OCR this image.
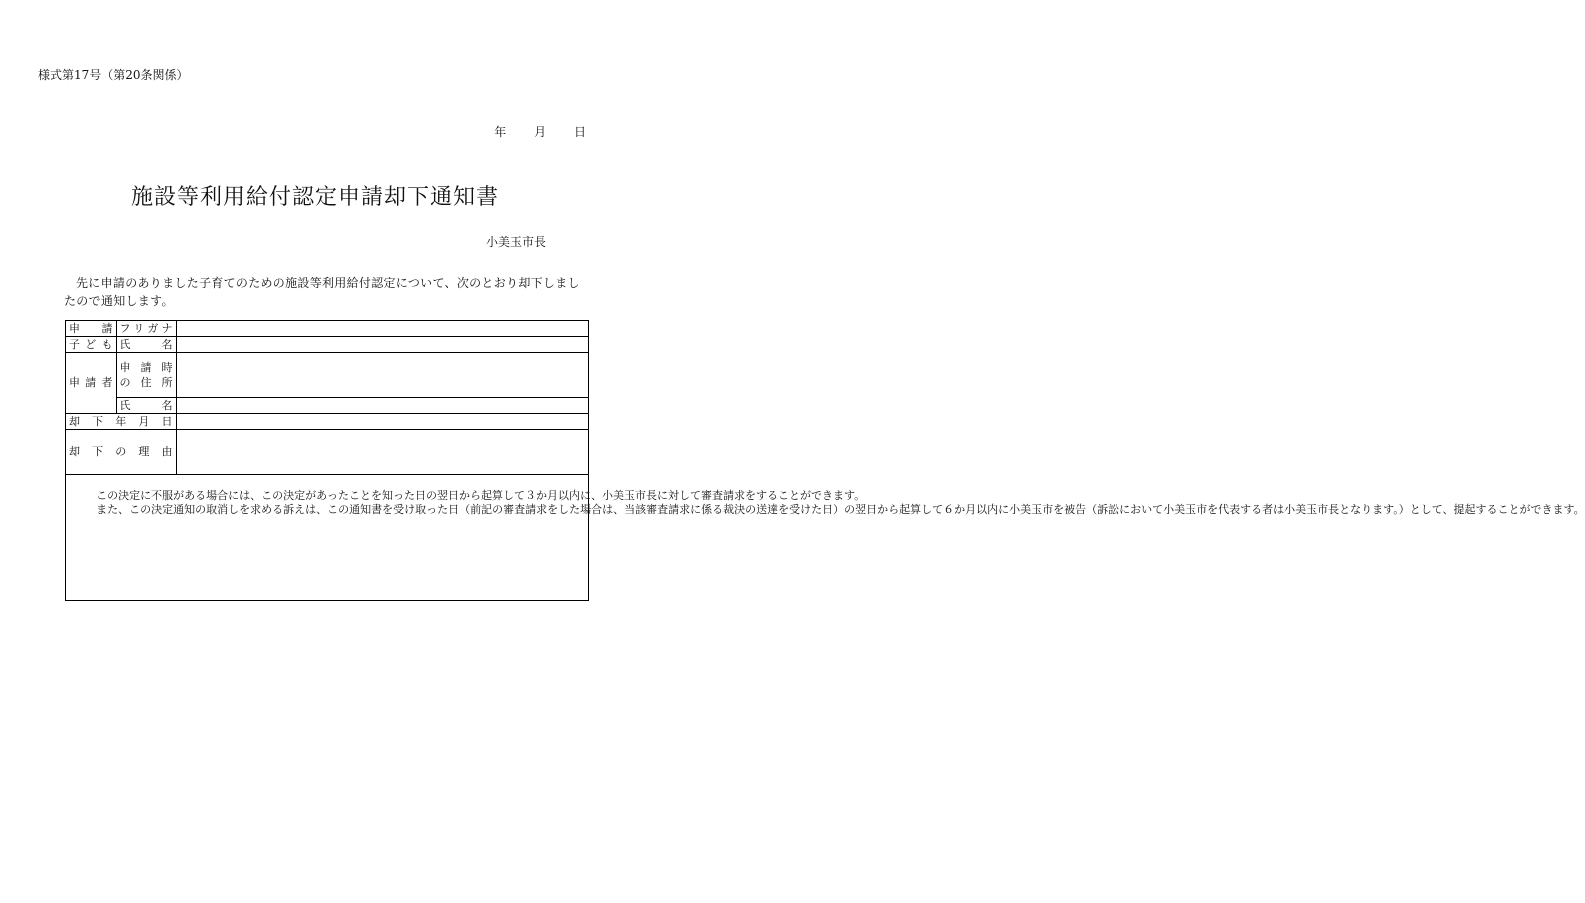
様式第17号（第20条関係）
年 月 日
施設等利用給付認定申請却下通知書
小美玉市長
先に申請のありました子育てのための施設等利用給付認定について、次のとおり却下しましたので通知します。
申　請	フリガナ	
子ども	氏　名	
申請者	申 請 時
の 住 所	

	氏　名	
却下年月日		
却下の理由		

この決定に不服がある場合には、この決定があったことを知った日の翌日から起算して３か月以内に、小美玉市長に対して審査請求をすることができます。

また、この決定通知の取消しを求める訴えは、この通知書を受け取った日（前記の審査請求をした場合は、当該審査請求に係る裁決の送達を受けた日）の翌日から起算して６か月以内に小美玉市を被告（訴訟において小美玉市を代表する者は小美玉市長となります。）として、提起することができます。
